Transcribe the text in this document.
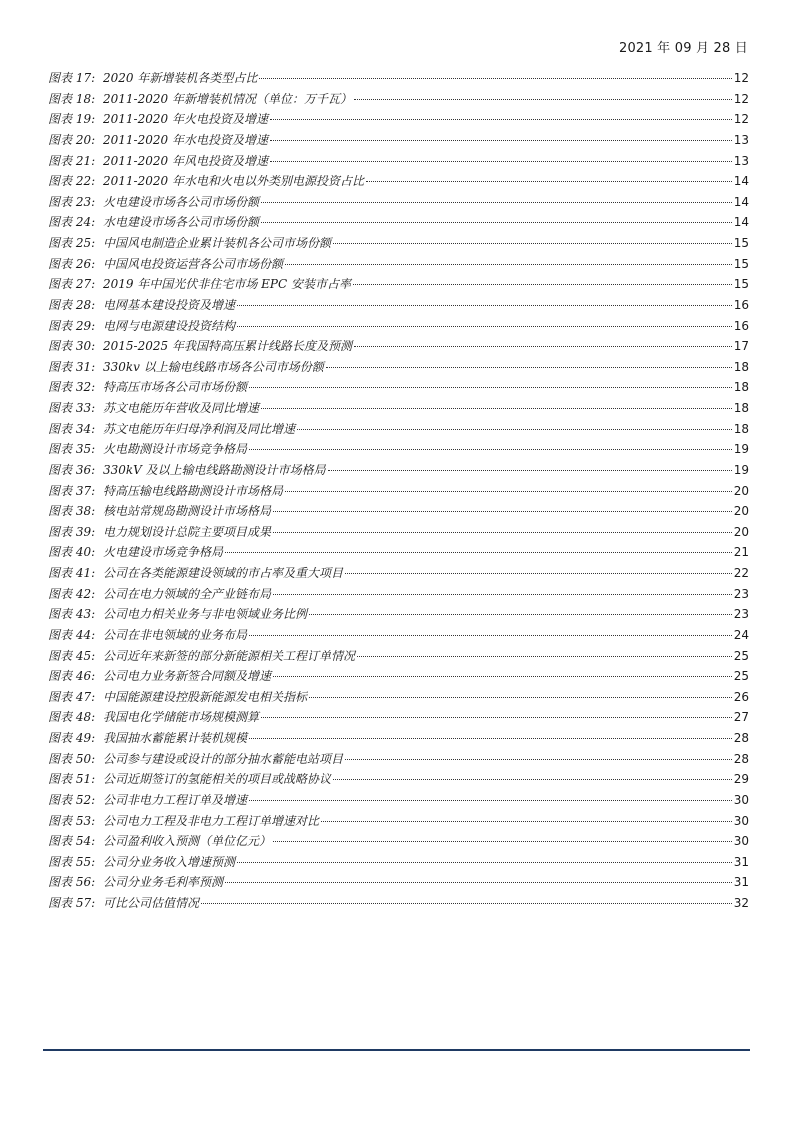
2021 年 09 月 28 日
图表 17: 2020 年新增装机各类型占比	12
图表 18: 2011-2020 年新增装机情况（单位：万千瓦）	12
图表 19: 2011-2020 年火电投资及增速	12
图表 20: 2011-2020 年水电投资及增速	13
图表 21: 2011-2020 年风电投资及增速	13
图表 22: 2011-2020 年水电和火电以外类别电源投资占比	14
图表 23: 火电建设市场各公司市场份额	14
图表 24: 水电建设市场各公司市场份额	14
图表 25: 中国风电制造企业累计装机各公司市场份额	15
图表 26: 中国风电投资运营各公司市场份额	15
图表 27: 2019 年中国光伏非住宅市场 EPC 安装市占率	15
图表 28: 电网基本建设投资及增速	16
图表 29: 电网与电源建设投资结构	16
图表 30: 2015-2025 年我国特高压累计线路长度及预测	17
图表 31: 330kv 以上输电线路市场各公司市场份额	18
图表 32: 特高压市场各公司市场份额	18
图表 33: 苏文电能历年营收及同比增速	18
图表 34: 苏文电能历年归母净利润及同比增速	18
图表 35: 火电勘测设计市场竞争格局	19
图表 36: 330kV 及以上输电线路勘测设计市场格局	19
图表 37: 特高压输电线路勘测设计市场格局	20
图表 38: 核电站常规岛勘测设计市场格局	20
图表 39: 电力规划设计总院主要项目成果	20
图表 40: 火电建设市场竞争格局	21
图表 41: 公司在各类能源建设领域的市占率及重大项目	22
图表 42: 公司在电力领域的全产业链布局	23
图表 43: 公司电力相关业务与非电领域业务比例	23
图表 44: 公司在非电领域的业务布局	24
图表 45: 公司近年来新签的部分新能源相关工程订单情况	25
图表 46: 公司电力业务新签合同额及增速	25
图表 47: 中国能源建设控股新能源发电相关指标	26
图表 48: 我国电化学储能市场规模测算	27
图表 49: 我国抽水蓄能累计装机规模	28
图表 50: 公司参与建设或设计的部分抽水蓄能电站项目	28
图表 51: 公司近期签订的氢能相关的项目或战略协议	29
图表 52: 公司非电力工程订单及增速	30
图表 53: 公司电力工程及非电力工程订单增速对比	30
图表 54: 公司盈利收入预测（单位亿元）	30
图表 55: 公司分业务收入增速预测	31
图表 56: 公司分业务毛利率预测	31
图表 57: 可比公司估值情况	32
